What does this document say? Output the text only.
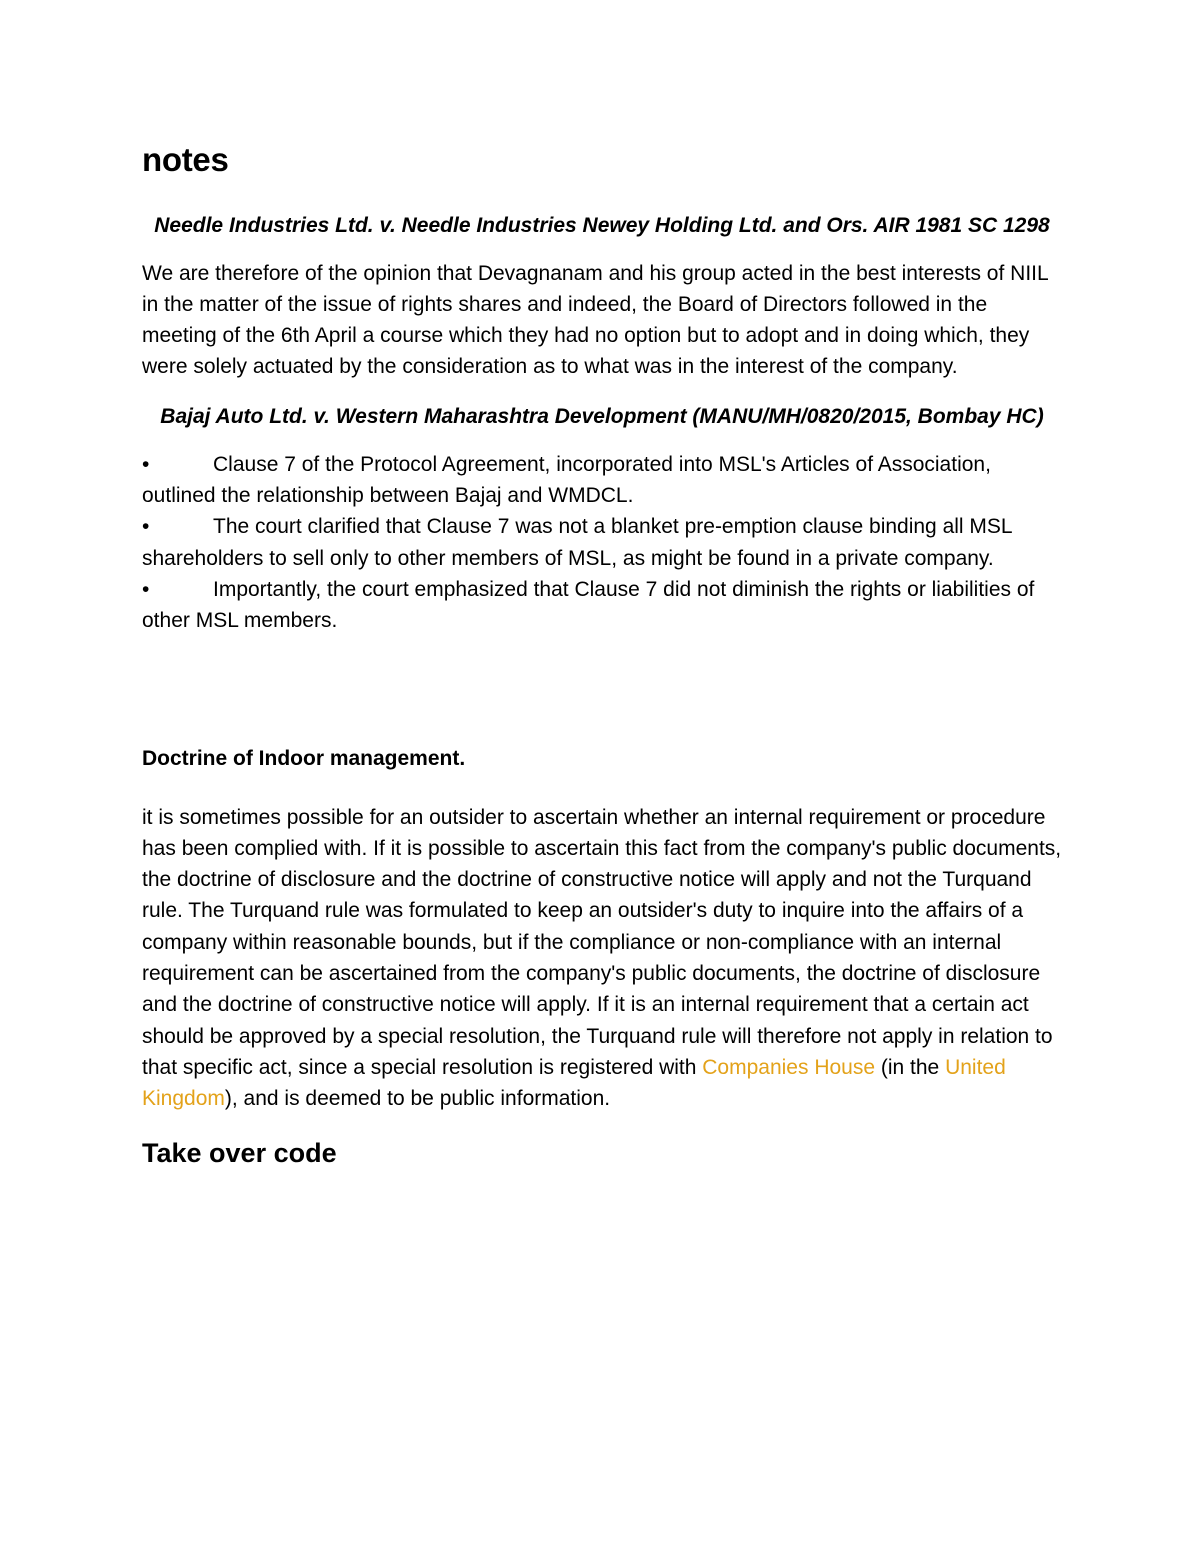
notes
Needle Industries Ltd. v. Needle Industries Newey Holding Ltd. and Ors. AIR 1981 SC 1298

We are therefore of the opinion that Devagnanam and his group acted in the best interests of NIIL in the matter of the issue of rights shares and indeed, the Board of Directors followed in the meeting of the 6th April a course which they had no option but to adopt and in doing which, they were solely actuated by the consideration as to what was in the interest of the company.

Bajaj Auto Ltd. v. Western Maharashtra Development (MANU/MH/0820/2015, Bombay HC)
•	Clause 7 of the Protocol Agreement, incorporated into MSL's Articles of Association, outlined the relationship between Bajaj and WMDCL.
•	The court clarified that Clause 7 was not a blanket pre-emption clause binding all MSL shareholders to sell only to other members of MSL, as might be found in a private company.
•	Importantly, the court emphasized that Clause 7 did not diminish the rights or liabilities of other MSL members.
Doctrine of Indoor management.

it is sometimes possible for an outsider to ascertain whether an internal requirement or procedure has been complied with. If it is possible to ascertain this fact from the company's public documents, the doctrine of disclosure and the doctrine of constructive notice will apply and not the Turquand rule. The Turquand rule was formulated to keep an outsider's duty to inquire into the affairs of a company within reasonable bounds, but if the compliance or non-compliance with an internal requirement can be ascertained from the company's public documents, the doctrine of disclosure and the doctrine of constructive notice will apply. If it is an internal requirement that a certain act should be approved by a special resolution, the Turquand rule will therefore not apply in relation to that specific act, since a special resolution is registered with Companies House (in the United Kingdom), and is deemed to be public information.

Take over code
